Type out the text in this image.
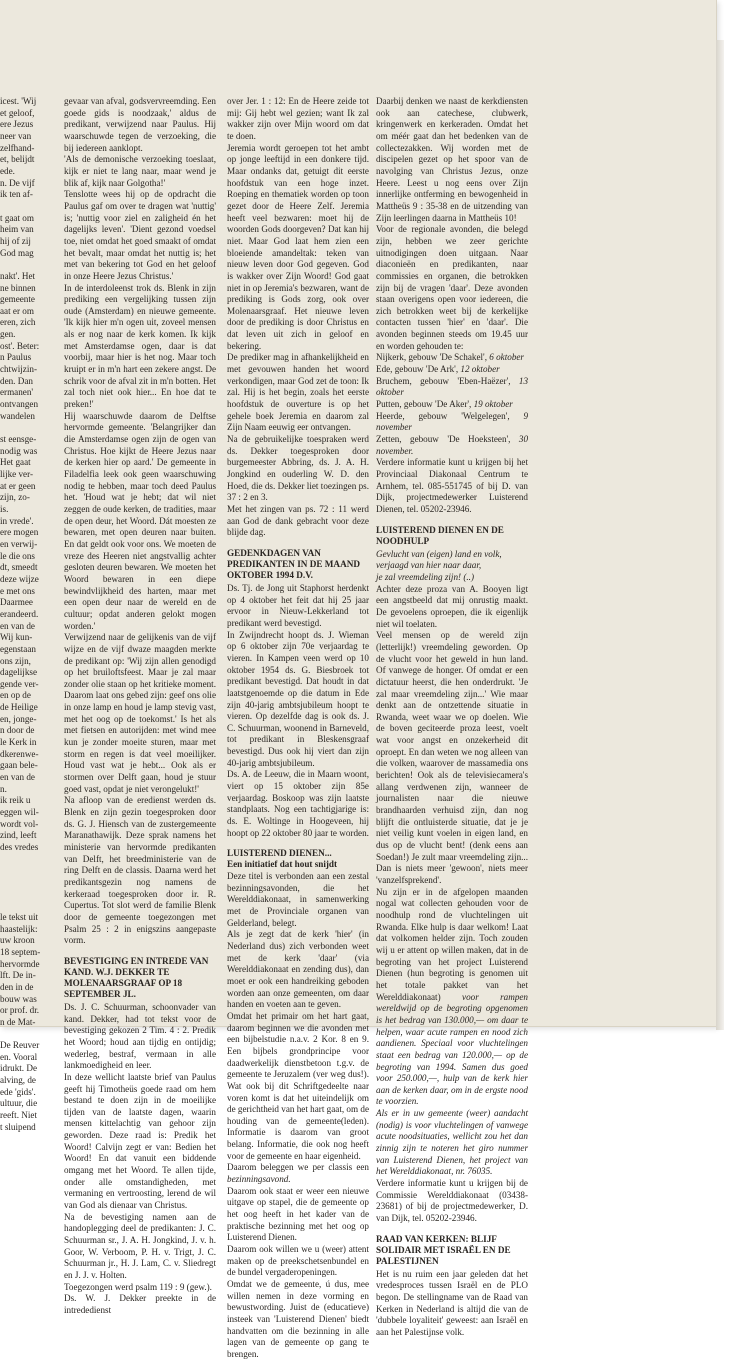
icest. 'Wij
et geloof,
ere Jezus
neer van
zelfhand-
et, belijdt
ede.
n. De vijf
ik ten af-

t gaat om
heim van
hij of zij
God mag

nakt'. Het
ne binnen
gemeente
aat er om
eren, zich
gen.
ost'. Beter:
n Paulus
chtwijzin-
den. Dan
ermanen'
ontvangen
wandelen

st eensge-
nodig was
Het gaat
lijke ver-
at er geen
zijn, zo-
is.
in vrede'.
ere mogen
en verwij-
le die ons
dt, smeedt
deze wijze
e met ons
Daarmee
erandeerd.
en van de
Wij kun-
egenstaan
ons zijn,
dagelijkse
gende ver-
en op de
de Heilige
en, jonge-
n door de
le Kerk in
dkerenwe-
gaan bele-
en van de
n.
ik reik u
eggen wil-
wordt vol-
zind, leeft
des vredes

le tekst uit
haastelijk:
uw kroon
18 septem-
hervormde
lft. De in-
den in de
bouw was
or prof. dr.
n de Mat-

De Reuver
en. Vooral
idrukt. De
alving, de
ede 'gids'.
ultuur, die
reeft. Niet
t sluipend

gevaar van afval, godsvervreemding. Een goede gids is noodzaak,' aldus de predikant, verwijzend naar Paulus. Hij waarschuwde tegen de verzoeking, die bij iedereen aanklopt.

'Als de demonische verzoeking toeslaat, kijk er niet te lang naar, maar wend je blik af, kijk naar Golgotha!'

Tenslotte wees hij op de opdracht die Paulus gaf om over te dragen wat 'nuttig' is; 'nuttig voor ziel en zaligheid én het dagelijks leven'. 'Dient gezond voedsel toe, niet omdat het goed smaakt of omdat het bevalt, maar omdat het nuttig is; het met van bekering tot God en het geloof in onze Heere Jezus Christus.'

In de interdoleenst trok ds. Blenk in zijn prediking een vergelijking tussen zijn oude (Amsterdam) en nieuwe gemeente. 'Ik kijk hier m'n ogen uit, zoveel mensen als er nog naar de kerk komen. Ik kijk met Amsterdamse ogen, daar is dat voorbij, maar hier is het nog. Maar toch kruipt er in m'n hart een zekere angst. De schrik voor de afval zit in m'n botten. Het zal toch niet ook hier... En hoe dat te preken!'

Hij waarschuwde daarom de Delftse hervormde gemeente. 'Belangrijker dan die Amsterdamse ogen zijn de ogen van Christus. Hoe kijkt de Heere Jezus naar de kerken hier op aard.' De gemeente in Filadelfia leek ook geen waarschuwing nodig te hebben, maar toch deed Paulus het. 'Houd wat je hebt; dat wil niet zeggen de oude kerken, de tradities, maar de open deur, het Woord. Dát moesten ze bewaren, met open deuren naar buiten. En dat geldt ook voor ons. We moeten de vreze des Heeren niet angstvallig achter gesloten deuren bewaren. We moeten het Woord bewaren in een diepe bewindvlijkheid des harten, maar met een open deur naar de wereld en de cultuur; opdat anderen gelokt mogen worden.'

Verwijzend naar de gelijkenis van de vijf wijze en de vijf dwaze maagden merkte de predikant op: 'Wij zijn allen genodigd op het bruiloftsfeest. Maar je zal maar zonder olie staan op het kritieke moment. Daarom laat ons gebed zijn: geef ons olie in onze lamp en houd je lamp stevig vast, met het oog op de toekomst.' Is het als met fietsen en autorijden: met wind mee kun je zonder moeite sturen, maar met storm en regen is dat veel moeilijker. Houd vast wat je hebt... Ook als er stormen over Delft gaan, houd je stuur goed vast, opdat je niet verongelukt!'

Na afloop van de eredienst werden ds. Blenk en zijn gezin toegesproken door ds. G. J. Hiensch van de zustergemeente Maranathawijk. Deze sprak namens het ministerie van hervormde predikanten van Delft, het breedministerie van de ring Delft en de classis. Daarna werd het predikantsgezin nog namens de kerkeraad toegesproken door ir. R. Cupertus. Tot slot werd de familie Blenk door de gemeente toegezongen met Psalm 25 : 2 in enigszins aangepaste vorm.

BEVESTIGING EN INTREDE VAN KAND. W.J. DEKKER TE MOLENAARSGRAAF OP 18 SEPTEMBER JL.

Ds. J. C. Schuurman, schoonvader van kand. Dekker, had tot tekst voor de bevestiging gekozen 2 Tim. 4 : 2. Predik het Woord; houd aan tijdig en ontijdig; wederleg, bestraf, vermaan in alle lankmoedigheid en leer.

In deze wellicht laatste brief van Paulus geeft hij Timotheüs goede raad om hem bestand te doen zijn in de moeilijke tijden van de laatste dagen, waarin mensen kittelachtig van gehoor zijn geworden. Deze raad is: Predik het Woord! Calvijn zegt er van: Bedien het Woord! En dat vanuit een biddende omgang met het Woord. Te allen tijde, onder alle omstandigheden, met vermaning en vertroosting, lerend de wil van God als dienaar van Christus.

Na de bevestiging namen aan de handoplegging deel de predikanten: J. C. Schuurman sr., J. A. H. Jongkind, J. v. h. Goor, W. Verboom, P. H. v. Trigt, J. C. Schuurman jr., H. J. Lam, C. v. Sliedregt en J. J. v. Holten.

Toegezongen werd psalm 119 : 9 (gew.).

Ds. W. J. Dekker preekte in de intrededienst

over Jer. 1 : 12: En de Heere zeide tot mij: Gij hebt wel gezien; want Ik zal wakker zijn over Mijn woord om dat te doen.

Jeremia wordt geroepen tot het ambt op jonge leeftijd in een donkere tijd. Maar ondanks dat, getuigt dit eerste hoofdstuk van een hoge inzet. Roeping en thematiek worden op toon gezet door de Heere Zelf. Jeremia heeft veel bezwaren: moet hij de woorden Gods doorgeven? Dat kan hij niet. Maar God laat hem zien een bloeiende amandeltak: teken van nieuw leven door God gegeven. God is wakker over Zijn Woord! God gaat niet in op Jeremia's bezwaren, want de prediking is Gods zorg, ook over Molenaarsgraaf. Het nieuwe leven door de prediking is door Christus en dat leven uit zich in geloof en bekering.

De prediker mag in afhankelijkheid en met gevouwen handen het woord verkondigen, maar God zet de toon: Ik zal. Hij is het begin, zoals het eerste hoofdstuk de ouverture is op het gehele boek Jeremia en daarom zal Zijn Naam eeuwig eer ontvangen.

Na de gebruikelijke toespraken werd ds. Dekker toegesproken door burgemeester Abbring, ds. J. A. H. Jongkind en ouderling W. D. den Hoed, die ds. Dekker liet toezingen ps. 37 : 2 en 3.

Met het zingen van ps. 72 : 11 werd aan God de dank gebracht voor deze blijde dag.

GEDENKDAGEN VAN PREDIKANTEN IN DE MAAND OKTOBER 1994 D.V.

Ds. Tj. de Jong uit Staphorst herdenkt op 4 oktober het feit dat hij 25 jaar ervoor in Nieuw-Lekkerland tot predikant werd bevestigd.

In Zwijndrecht hoopt ds. J. Wieman op 6 oktober zijn 70e verjaardag te vieren. In Kampen veen werd op 10 oktober 1954 ds. G. Biesbroek tot predikant bevestigd. Dat houdt in dat laatstgenoemde op die datum in Ede zijn 40-jarig ambtsjubileum hoopt te vieren. Op dezelfde dag is ook ds. J. C. Schuurman, woonend in Barneveld, tot predikant in Bleskensgraaf bevestigd. Dus ook hij viert dan zijn 40-jarig ambtsjubileum.

Ds. A. de Leeuw, die in Maarn woont, viert op 15 oktober zijn 85e verjaardag. Boskoop was zijn laatste standplaats. Nog een tachtigjarige is: ds. E. Woltinge in Hoogeveen, hij hoopt op 22 oktober 80 jaar te worden.

LUISTEREND DIENEN...
Een initiatief dat hout snijdt

Deze titel is verbonden aan een zestal bezinningsavonden, die het Werelddiakonaat, in samenwerking met de Provinciale organen van Gelderland, belegt.

Als je zegt dat de kerk 'hier' (in Nederland dus) zich verbonden weet met de kerk 'daar' (via Werelddiakonaat en zending dus), dan moet er ook een handreiking geboden worden aan onze gemeenten, om daar handen en voeten aan te geven.

Omdat het primair om het hart gaat, daarom beginnen we die avonden met een bijbelstudie n.a.v. 2 Kor. 8 en 9. Een bijbels grondprincipe voor daadwerkelijk dienstbetoon t.g.v. de gemeente te Jeruzalem (ver weg dus!). Wat ook bij dit Schriftgedeelte naar voren komt is dat het uiteindelijk om de gerichtheid van het hart gaat, om de houding van de gemeente(leden). Informatie is daarom van groot belang. Informatie, die ook nog heeft voor de gemeente en haar eigenheid.

Daarom beleggen we per classis een bezinningsavond.

Daarom ook staat er weer een nieuwe uitgave op stapel, die de gemeente op het oog heeft in het kader van de praktische bezinning met het oog op Luisterend Dienen.

Daarom ook willen we u (weer) attent maken op de preekschetsenbundel en de bundel vergaderopeningen.

Omdat we de gemeente, ú dus, mee willen nemen in deze vorming en bewustwording. Juist de (educatieve) insteek van 'Luisterend Dienen' biedt handvatten om die bezinning in alle lagen van de gemeente op gang te brengen.

Daarbij denken we naast de kerkdiensten ook aan catechese, clubwerk, kringenwerk en kerkeraden. Omdat het om méér gaat dan het bedenken van de collectezakken. Wij worden met de discipelen gezet op het spoor van de navolging van Christus Jezus, onze Heere. Leest u nog eens over Zijn innerlijke ontferming en bewogenheid in Mattheüs 9 : 35-38 en de uitzending van Zijn leerlingen daarna in Mattheüs 10!

Voor de regionale avonden, die belegd zijn, hebben we zeer gerichte uitnodigingen doen uitgaan. Naar diaconieën en predikanten, naar commissies en organen, die betrokken zijn bij de vragen 'daar'. Deze avonden staan overigens open voor iedereen, die zich betrokken weet bij de kerkelijke contacten tussen 'hier' en 'daar'. Die avonden beginnen steeds om 19.45 uur en worden gehouden te:

Nijkerk, gebouw 'De Schakel', 6 oktober

Ede, gebouw 'De Ark', 12 oktober

Bruchem, gebouw 'Eben-Haëzer', 13 oktober

Putten, gebouw 'De Aker', 19 oktober

Heerde, gebouw 'Welgelegen', 9 november

Zetten, gebouw 'De Hoeksteen', 30 november.

Verdere informatie kunt u krijgen bij het Provinciaal Diakonaal Centrum te Arnhem, tel. 085-551745 of bij D. van Dijk, projectmedewerker Luisterend Dienen, tel. 05202-23946.

LUISTEREND DIENEN EN DE NOODHULP

Gevlucht van (eigen) land en volk,

verjaagd van hier naar daar,

je zal vreemdeling zijn! (..)

Achter deze proza van A. Booyen ligt een angstbeeld dat mij onrustig maakt. De gevoelens oproepen, die ik eigenlijk niet wil toelaten.

Veel mensen op de wereld zijn (letterlijk!) vreemdeling geworden. Op de vlucht voor het geweld in hun land. Of vanwege de honger. Of omdat er een dictatuur heerst, die hen onderdrukt. 'Je zal maar vreemdeling zijn...' Wie maar denkt aan de ontzettende situatie in Rwanda, weet waar we op doelen. Wie de boven geciteerde proza leest, voelt wat voor angst en onzekerheid dit oproept. En dan weten we nog alleen van die volken, waarover de massamedia ons berichten! Ook als de televisiecamera's allang verdwenen zijn, wanneer de journalisten naar die nieuwe brandhaarden verhuisd zijn, dan nog blijft die ontluisterde situatie, dat je je niet veilig kunt voelen in eigen land, en dus op de vlucht bent! (denk eens aan Soedan!) Je zult maar vreemdeling zijn... Dan is niets meer 'gewoon', niets meer 'vanzelfsprekend'.

Nu zijn er in de afgelopen maanden nogal wat collecten gehouden voor de noodhulp rond de vluchtelingen uit Rwanda. Elke hulp is daar welkom! Laat dat volkomen helder zijn. Toch zouden wij u er attent op willen maken, dat in de begroting van het project Luisterend Dienen (hun begroting is genomen uit het totale pakket van het Werelddiakonaat) voor rampen wereldwijd op de begroting opgenomen is het bedrag van 130.000,— om daar te helpen, waar acute rampen en nood zich aandienen. Speciaal voor vluchtelingen staat een bedrag van 120.000,— op de begroting van 1994. Samen dus goed voor 250.000,—, hulp van de kerk hier aan de kerken daar, om in de ergste nood te voorzien.

Als er in uw gemeente (weer) aandacht (nodig) is voor vluchtelingen of vanwege acute noodsituaties, wellicht zou het dan zinnig zijn te noteren het giro nummer van Luisterend Dienen, het project van het Werelddiakonaat, nr. 76035.

Verdere informatie kunt u krijgen bij de Commissie Werelddiakonaat (03438-23681) of bij de projectmedewerker, D. van Dijk, tel. 05202-23946.

RAAD VAN KERKEN: BLIJF SOLIDAIR MET ISRAËL EN DE PALESTIJNEN

Het is nu ruim een jaar geleden dat het vredesproces tussen Israël en de PLO begon. De stellingname van de Raad van Kerken in Nederland is altijd die van de 'dubbele loyaliteit' geweest: aan Israël en aan het Palestijnse volk.
